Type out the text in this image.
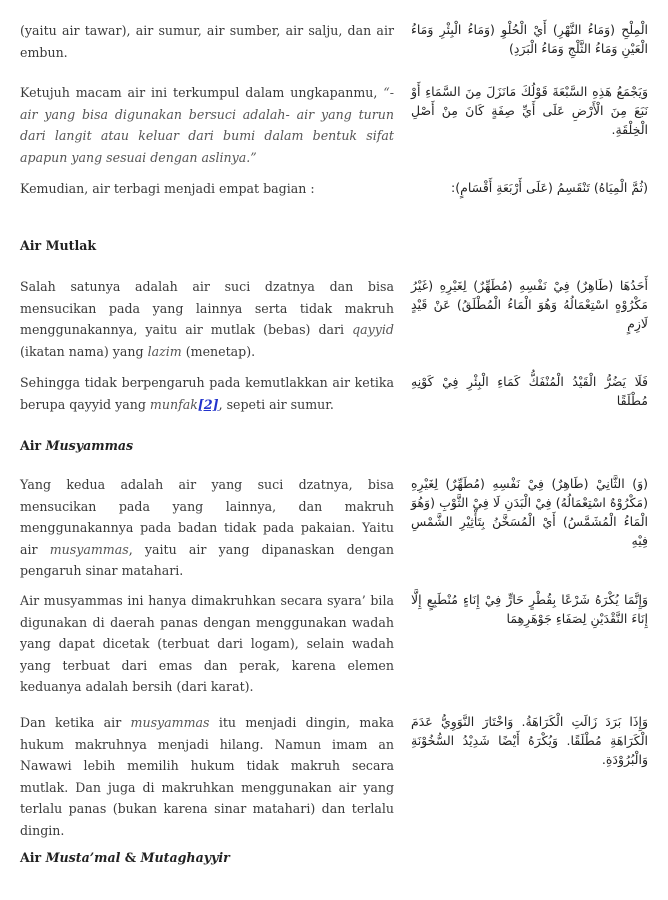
(yaitu air tawar), air sumur, air sumber, air salju, dan air embun.
الْمِلْحِ (وَمَاءُ النَّهْرِ) أَيْ الْحُلْوِ (وَمَاءُ الْبِئْرِ وَمَاءُ الْعَيْنِ وَمَاءُ الثَّلْجِ وَمَاءُ الْبَرَدِ)
Ketujuh macam air ini terkumpul dalam ungkapanmu, “-air yang bisa digunakan bersuci adalah- air yang turun dari langit atau keluar dari bumi dalam bentuk sifat apapun yang sesuai dengan aslinya.”
وَيَجْمَعُ هَذِهِ السَّبْعَةَ قَوْلُكَ مَانَزَلَ مِنَ السَّمَاءِ أَوْ نَبَعَ مِنَ الْأَرْضِ عَلَى أَيِّ صِفَةٍ كَانَ مِنْ أَصْلِ الْخِلْقَةِ.
Kemudian, air terbagi menjadi empat bagian :	(ثُمَّ الْمِيَاهُ) تَنْقَسِمُ (عَلَى أَرْبَعَةِ أَقْسَامٍ):
Air Mutlak
Salah satunya adalah air suci dzatnya dan bisa mensucikan pada yang lainnya serta tidak makruh menggunakannya, yaitu air mutlak (bebas) dari qayyid (ikatan nama) yang lazim (menetap).
أَحَدُهَا (طَاهِرٌ) فِيْ نَفْسِهِ (مُطَهِّرٌ) لِغَيْرِهِ (غَيْرُ مَكْرُوْهٍ اسْتِعْمَالُهُ وَهُوَ الْمَاءُ الْمُطْلَقُ) عَنْ قَيْدٍ لَازِمٍ
Sehingga tidak berpengaruh pada kemutlakkan air ketika berupa qayyid yang munfak[2], sepeti air sumur.
فَلَا يَضُرُّ الْقَيْدُ الْمُنْفَكُّ كَمَاءِ الْبِئْرِ فِيْ كَوْنِهِ مُطْلَقًا
Air Musyammas
Yang kedua adalah air yang suci dzatnya, bisa mensucikan pada yang lainnya, dan makruh menggunakannya pada badan tidak pada pakaian. Yaitu air musyammas, yaitu air yang dipanaskan dengan pengaruh sinar matahari.
(وَ) الثَّانِيْ (طَاهِرٌ) فِيْ نَفْسِهِ (مُطَهِّرٌ) لِغَيْرِهِ (مَكْرُوْهٌ اسْتِعْمَالُهُ) فِيْ الْبَدَنِ لَا فِيْ الثَّوْبِ (وَهُوَ الْمَاءُ الْمُشَمَّسُ) أَيْ الْمُسَخَّنُ بِتَأْثِيْرِ الشَّمْسِ فِيْهِ
Air musyammas ini hanya dimakruhkan secara syara’ bila digunakan di daerah panas dengan menggunakan wadah yang dapat dicetak (terbuat dari logam), selain wadah yang terbuat dari emas dan perak, karena elemen keduanya adalah bersih (dari karat).
وَإِنَّمَا يُكْرَهُ شَرْعًا بِقُطْرٍ حَارٍّ فِيْ إِنَاءٍ مُنْطَبِعٍ إِلَّا إِنَاءَ النَّقْدَيْنِ لِصَفَاءِ جَوْهَرِهِمَا
Dan ketika air musyammas itu menjadi dingin, maka hukum makruhnya menjadi hilang. Namun imam an Nawawi lebih memilih hukum tidak makruh secara mutlak. Dan juga di makruhkan menggunakan air yang terlalu panas (bukan karena sinar matahari) dan terlalu dingin.
وَإِذَا بَرَدَ زَالَتِ الْكَرَاهَةُ. وَاخْتَارَ النَّوَوِيُّ عَدَمَ الْكَرَاهَةِ مُطْلَقًا. وَيُكْرَهُ أَيْضًا شَدِيْدُ السُّخُوْنَةِ وَالْبُرُوْدَةِ.
Air Musta’mal & Mutaghayyir
